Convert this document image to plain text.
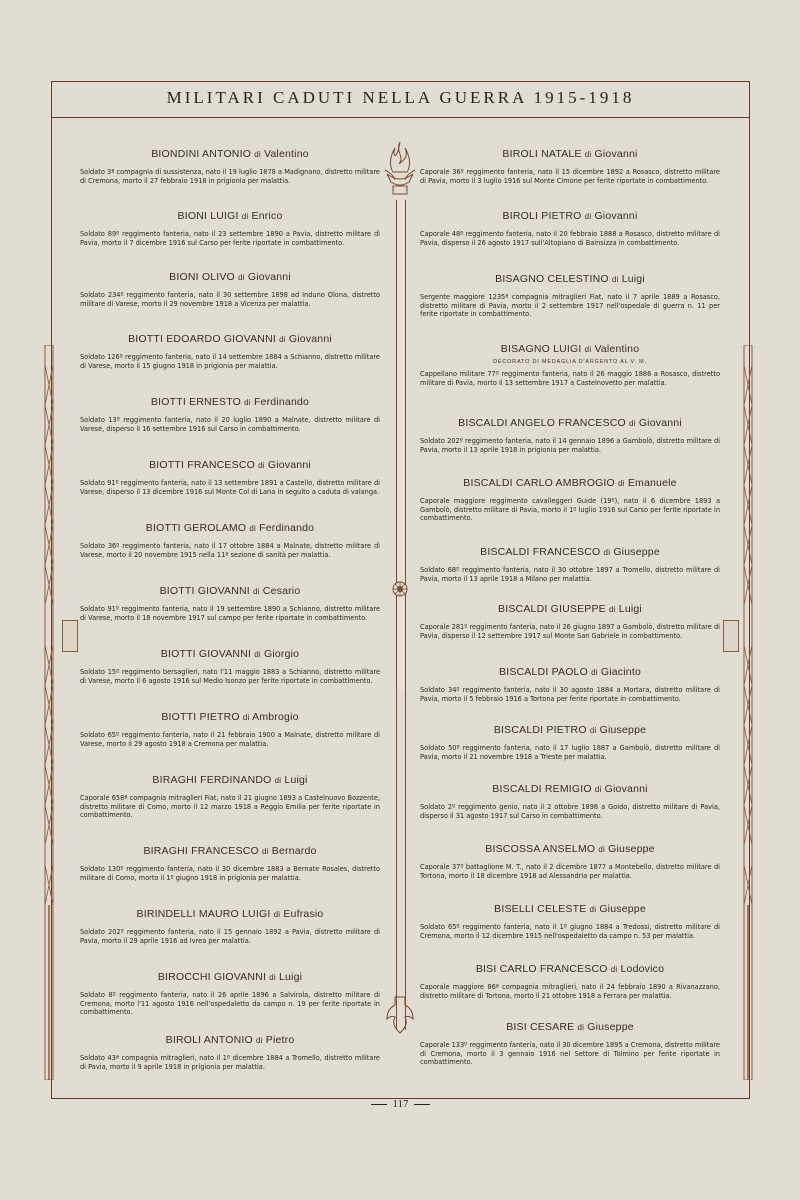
MILITARI CADUTI NELLA GUERRA 1915-1918
BIONDINI ANTONIO di Valentino

Soldato 3ª compagnia di sussistenza, nato il 19 luglio 1878 a Madignano, distretto militare di Cremona, morto il 27 febbraio 1918 in prigionia per malattia.

BIONI LUIGI di Enrico

Soldato 89º reggimento fanteria, nato il 23 settembre 1890 a Pavia, distretto militare di Pavia, morto il 7 dicembre 1916 sul Carso per ferite riportate in combattimento.

BIONI OLIVO di Giovanni

Soldato 234º reggimento fanteria, nato il 30 settembre 1898 ad Induno Olona, distretto militare di Varese, morto il 29 novembre 1918 a Vicenza per malattia.

BIOTTI EDOARDO GIOVANNI di Giovanni

Soldato 126º reggimento fanteria, nato il 14 settembre 1884 a Schianno, distretto militare di Varese, morto il 15 giugno 1918 in prigionia per malattia.

BIOTTI ERNESTO di Ferdinando

Soldato 13º reggimento fanteria, nato il 20 luglio 1890 a Malnate, distretto militare di Varese, disperso il 16 settembre 1916 sul Carso in combattimento.

BIOTTI FRANCESCO di Giovanni

Soldato 91º reggimento fanteria, nato il 13 settembre 1891 a Castello, distretto militare di Varese, disperso il 13 dicembre 1916 sul Monte Col di Lana in seguito a caduta di valanga.

BIOTTI GEROLAMO di Ferdinando

Soldato 36º reggimento fanteria, nato il 17 ottobre 1884 a Malnate, distretto militare di Varese, morto il 20 novembre 1915 nella 11ª sezione di sanità per malattia.

BIOTTI GIOVANNI di Cesario

Soldato 91º reggimento fanteria, nato il 19 settembre 1890 a Schianno, distretto militare di Varese, morto il 18 novembre 1917 sul campo per ferite riportate in combattimento.

BIOTTI GIOVANNI di Giorgio

Soldato 15º reggimento bersaglieri, nato l'11 maggio 1883 a Schianno, distretto militare di Varese, morto il 6 agosto 1916 sul Medio Isonzo per ferite riportate in combattimento.

BIOTTI PIETRO di Ambrogio

Soldato 65º reggimento fanteria, nato il 21 febbraio 1900 a Malnate, distretto militare di Varese, morto il 29 agosto 1918 a Cremona per malattia.

BIRAGHI FERDINANDO di Luigi

Caporale 658ª compagnia mitraglieri Fiat, nato il 21 giugno 1893 a Castelnuovo Bozzente, distretto militare di Como, morto il 12 marzo 1918 a Reggio Emilia per ferite riportate in combattimento.

BIRAGHI FRANCESCO di Bernardo

Soldato 130º reggimento fanteria, nato il 30 dicembre 1883 a Bernate Rosales, distretto militare di Como, morto il 1º giugno 1918 in prigionia per malattia.

BIRINDELLI MAURO LUIGI di Eufrasio

Soldato 202º reggimento fanteria, nato il 15 gennaio 1892 a Pavia, distretto militare di Pavia, morto il 29 aprile 1916 ad Ivrea per malattia.

BIROCCHI GIOVANNI di Luigi

Soldato 8º reggimento fanteria, nato il 26 aprile 1896 a Salvirola, distretto militare di Cremona, morto l'11 agosto 1916 nell'ospedaletto da campo n. 19 per ferite riportate in combattimento.

BIROLI ANTONIO di Pietro

Soldato 43ª compagnia mitraglieri, nato il 1º dicembre 1884 a Tromello, distretto militare di Pavia, morto il 9 aprile 1918 in prigionia per malattia.

BIROLI NATALE di Giovanni

Caporale 36º reggimento fanteria, nato il 15 dicembre 1892 a Rosasco, distretto militare di Pavia, morto il 3 luglio 1916 sul Monte Cimone per ferite riportate in combattimento.

BIROLI PIETRO di Giovanni

Caporale 48º reggimento fanteria, nato il 20 febbraio 1888 a Rosasco, distretto militare di Pavia, disperso il 26 agosto 1917 sull'Altopiano di Bainsizza in combattimento.

BISAGNO CELESTINO di Luigi

Sergente maggiore 1235ª compagnia mitraglieri Fiat, nato il 7 aprile 1889 a Rosasco, distretto militare di Pavia, morto il 2 settembre 1917 nell'ospedale di guerra n. 11 per ferite riportate in combattimento.

BISAGNO LUIGI di Valentino
DECORATO DI MEDAGLIA D'ARGENTO AL V. M.

Cappellano militare 77º reggimento fanteria, nato il 26 maggio 1886 a Rosasco, distretto militare di Pavia, morto il 13 settembre 1917 a Castelnovetto per malattia.

BISCALDI ANGELO FRANCESCO di Giovanni

Soldato 202º reggimento fanteria, nato il 14 gennaio 1896 a Gambolò, distretto militare di Pavia, morto il 13 aprile 1918 in prigionia per malattia.

BISCALDI CARLO AMBROGIO di Emanuele

Caporale maggiore reggimento cavalleggeri Guide (19º), nato il 6 dicembre 1893 a Gambolò, distretto militare di Pavia, morto il 1º luglio 1916 sul Carso per ferite riportate in combattimento.

BISCALDI FRANCESCO di Giuseppe

Soldato 68º reggimento fanteria, nato il 30 ottobre 1897 a Tromello, distretto militare di Pavia, morto il 13 aprile 1918 a Milano per malattia.

BISCALDI GIUSEPPE di Luigi

Caporale 281º reggimento fanteria, nato il 26 giugno 1897 a Gambolò, distretto militare di Pavia, disperso il 12 settembre 1917 sul Monte San Gabriele in combattimento.

BISCALDI PAOLO di Giacinto

Soldato 34º reggimento fanteria, nato il 30 agosto 1884 a Mortara, distretto militare di Pavia, morto il 5 febbraio 1916 a Tortona per ferite riportate in combattimento.

BISCALDI PIETRO di Giuseppe

Soldato 50º reggimento fanteria, nato il 17 luglio 1887 a Gambolò, distretto militare di Pavia, morto il 21 novembre 1918 a Trieste per malattia.

BISCALDI REMIGIO di Giovanni

Soldato 2º reggimento genio, nato il 2 ottobre 1898 a Goido, distretto militare di Pavia, disperso il 31 agosto 1917 sul Carso in combattimento.

BISCOSSA ANSELMO di Giuseppe

Caporale 37º battaglione M. T., nato il 2 dicembre 1877 a Montebello, distretto militare di Tortona, morto il 18 dicembre 1918 ad Alessandria per malattia.

BISELLI CELESTE di Giuseppe

Soldato 65º reggimento fanteria, nato il 1º giugno 1884 a Tredossi, distretto militare di Cremona, morto il 12 dicembre 1915 nell'ospedaletto da campo n. 53 per malattia.

BISI CARLO FRANCESCO di Lodovico

Caporale maggiore 86ª compagnia mitraglieri, nato il 24 febbraio 1890 a Rivanazzano, distretto militare di Tortona, morto il 21 ottobre 1918 a Ferrara per malattia.

BISI CESARE di Giuseppe

Caporale 133º reggimento fanteria, nato il 30 dicembre 1895 a Cremona, distretto militare di Cremona, morto il 3 gennaio 1916 nel Settore di Tolmino per ferite riportate in combattimento.

117
